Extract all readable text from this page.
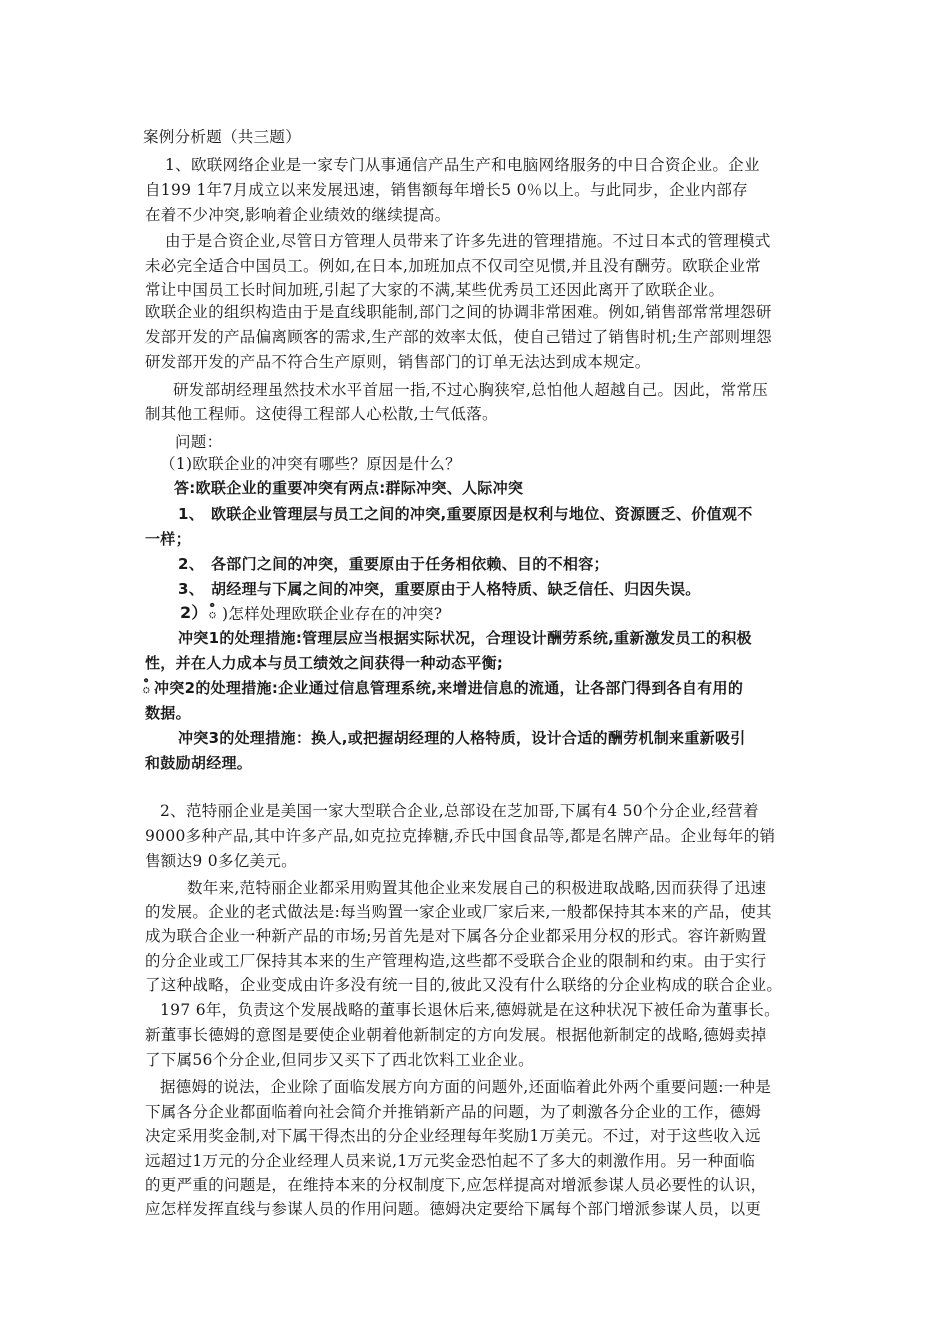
案例分析题（共三题）

1、欧联网络企业是一家专门从事通信产品生产和电脑网络服务的中日合资企业。企业

自199 1年7月成立以来发展迅速，销售额每年增长5 0％以上。与此同步，企业内部存

在着不少冲突,影响着企业绩效的继续提高。

由于是合资企业,尽管日方管理人员带来了许多先进的管理措施。不过日本式的管理模式

未必完全适合中国员工。例如,在日本,加班加点不仅司空见惯,并且没有酬劳。欧联企业常

常让中国员工长时间加班,引起了大家的不满,某些优秀员工还因此离开了欧联企业。

欧联企业的组织构造由于是直线职能制,部门之间的协调非常困难。例如,销售部常常埋怨研

发部开发的产品偏离顾客的需求,生产部的效率太低，使自己错过了销售时机;生产部则埋怨

研发部开发的产品不符合生产原则，销售部门的订单无法达到成本规定。

研发部胡经理虽然技术水平首屈一指,不过心胸狭窄,总怕他人超越自己。因此，常常压

制其他工程师。这使得工程部人心松散,士气低落。

问题：

（1)欧联企业的冲突有哪些？原因是什么？

答:欧联企业的重要冲突有两点:群际冲突、人际冲突

1、 欧联企业管理层与员工之间的冲突,重要原因是权利与地位、资源匮乏、价值观不

一样；

2、 各部门之间的冲突，重要原由于任务相依赖、目的不相容；

3、 胡经理与下属之间的冲突，重要原由于人格特质、缺乏信任、归因失误。

2） ఄ )怎样处理欧联企业存在的冲突?

冲突1的处理措施:管理层应当根据实际状况，合理设计酬劳系统,重新激发员工的积极

性，并在人力成本与员工绩效之间获得一种动态平衡;

ఄ 冲突2的处理措施:企业通过信息管理系统,来增进信息的流通，让各部门得到各自有用的

数据。

冲突3的处理措施：换人,或把握胡经理的人格特质，设计合适的酬劳机制来重新吸引

和鼓励胡经理。

2、范特丽企业是美国一家大型联合企业,总部设在芝加哥,下属有4 50个分企业,经营着

9000多种产品,其中许多产品,如克拉克捧糖,乔氏中国食品等,都是名牌产品。企业每年的销

售额达9 0多亿美元。

数年来,范特丽企业都采用购置其他企业来发展自己的积极进取战略,因而获得了迅速

的发展。企业的老式做法是:每当购置一家企业或厂家后来,一般都保持其本来的产品，使其

成为联合企业一种新产品的市场;另首先是对下属各分企业都采用分权的形式。容许新购置

的分企业或工厂保持其本来的生产管理构造,这些都不受联合企业的限制和约束。由于实行

了这种战略，企业变成由许多没有统一目的,彼此又没有什么联络的分企业构成的联合企业。

197 6年，负责这个发展战略的董事长退休后来,德姆就是在这种状况下被任命为董事长。

新董事长德姆的意图是要使企业朝着他新制定的方向发展。根据他新制定的战略,德姆卖掉

了下属56个分企业,但同步又买下了西北饮料工业企业。

据德姆的说法，企业除了面临发展方向方面的问题外,还面临着此外两个重要问题:一种是

下属各分企业都面临着向社会简介并推销新产品的问题，为了刺激各分企业的工作，德姆

决定采用奖金制,对下属干得杰出的分企业经理每年奖励1万美元。不过，对于这些收入远

远超过1万元的分企业经理人员来说,1万元奖金恐怕起不了多大的刺激作用。另一种面临

的更严重的问题是，在维持本来的分权制度下,应怎样提高对增派参谋人员必要性的认识，

应怎样发挥直线与参谋人员的作用问题。德姆决定要给下属每个部门增派参谋人员，以更
